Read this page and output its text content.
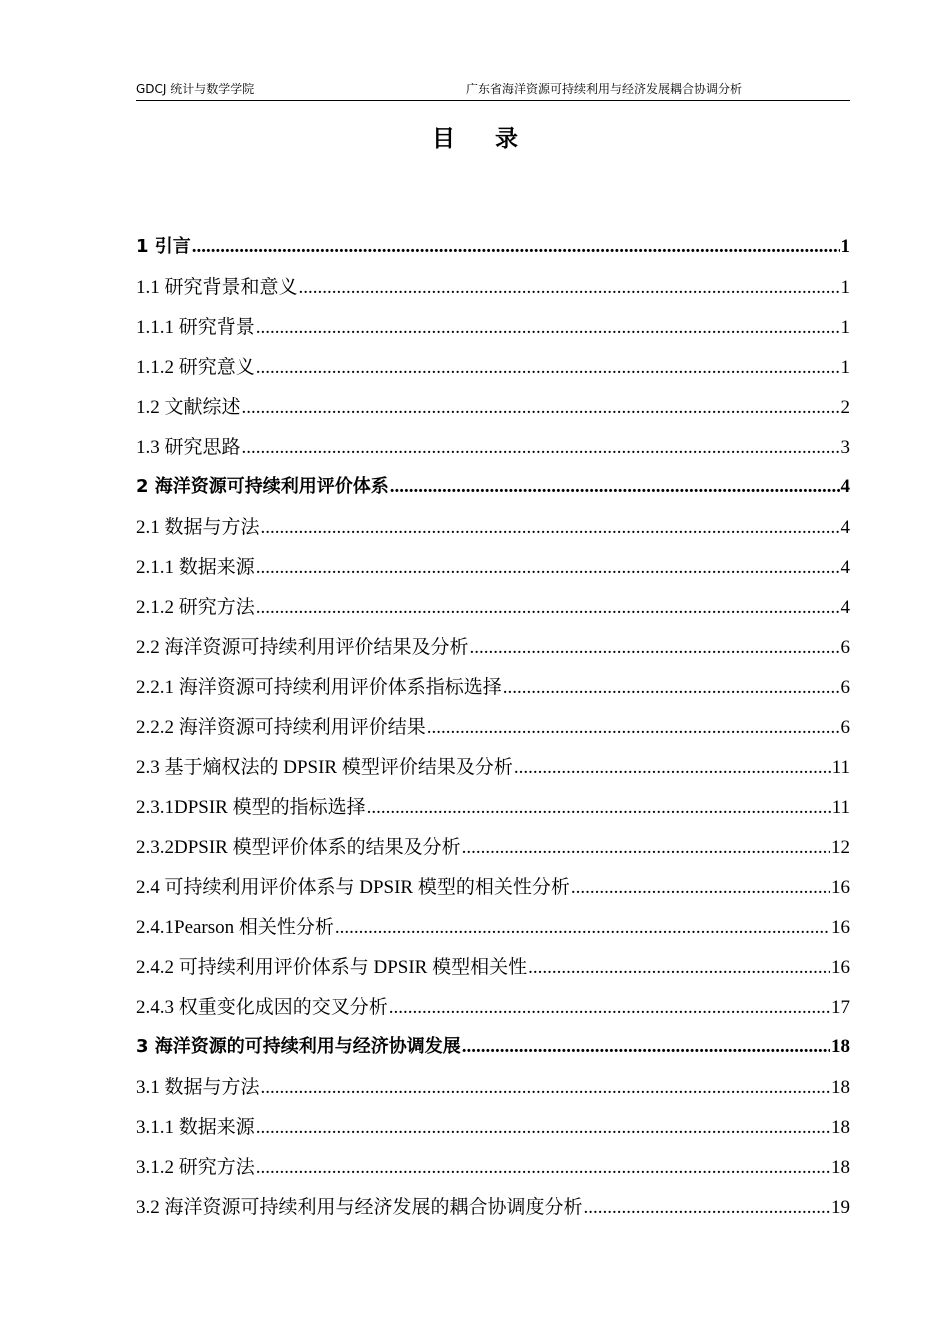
GDCJ 统计与数学学院	广东省海洋资源可持续利用与经济发展耦合协调分析
目录
1 引言 .....	1
1.1 研究背景和意义 .....	1
1.1.1 研究背景 .....	1
1.1.2 研究意义 .....	1
1.2 文献综述 .....	2
1.3 研究思路 .....	3
2 海洋资源可持续利用评价体系 .....	4
2.1 数据与方法 .....	4
2.1.1 数据来源 .....	4
2.1.2 研究方法 .....	4
2.2 海洋资源可持续利用评价结果及分析 .....	6
2.2.1 海洋资源可持续利用评价体系指标选择 .....	6
2.2.2 海洋资源可持续利用评价结果 .....	6
2.3 基于熵权法的 DPSIR 模型评价结果及分析 .....	11
2.3.1DPSIR 模型的指标选择 .....	11
2.3.2DPSIR 模型评价体系的结果及分析 .....	12
2.4 可持续利用评价体系与 DPSIR 模型的相关性分析 .....	16
2.4.1Pearson 相关性分析 .....	16
2.4.2 可持续利用评价体系与 DPSIR 模型相关性 .....	16
2.4.3 权重变化成因的交叉分析 .....	17
3 海洋资源的可持续利用与经济协调发展 .....	18
3.1 数据与方法 .....	18
3.1.1 数据来源 .....	18
3.1.2 研究方法 .....	18
3.2 海洋资源可持续利用与经济发展的耦合协调度分析 .....	19
